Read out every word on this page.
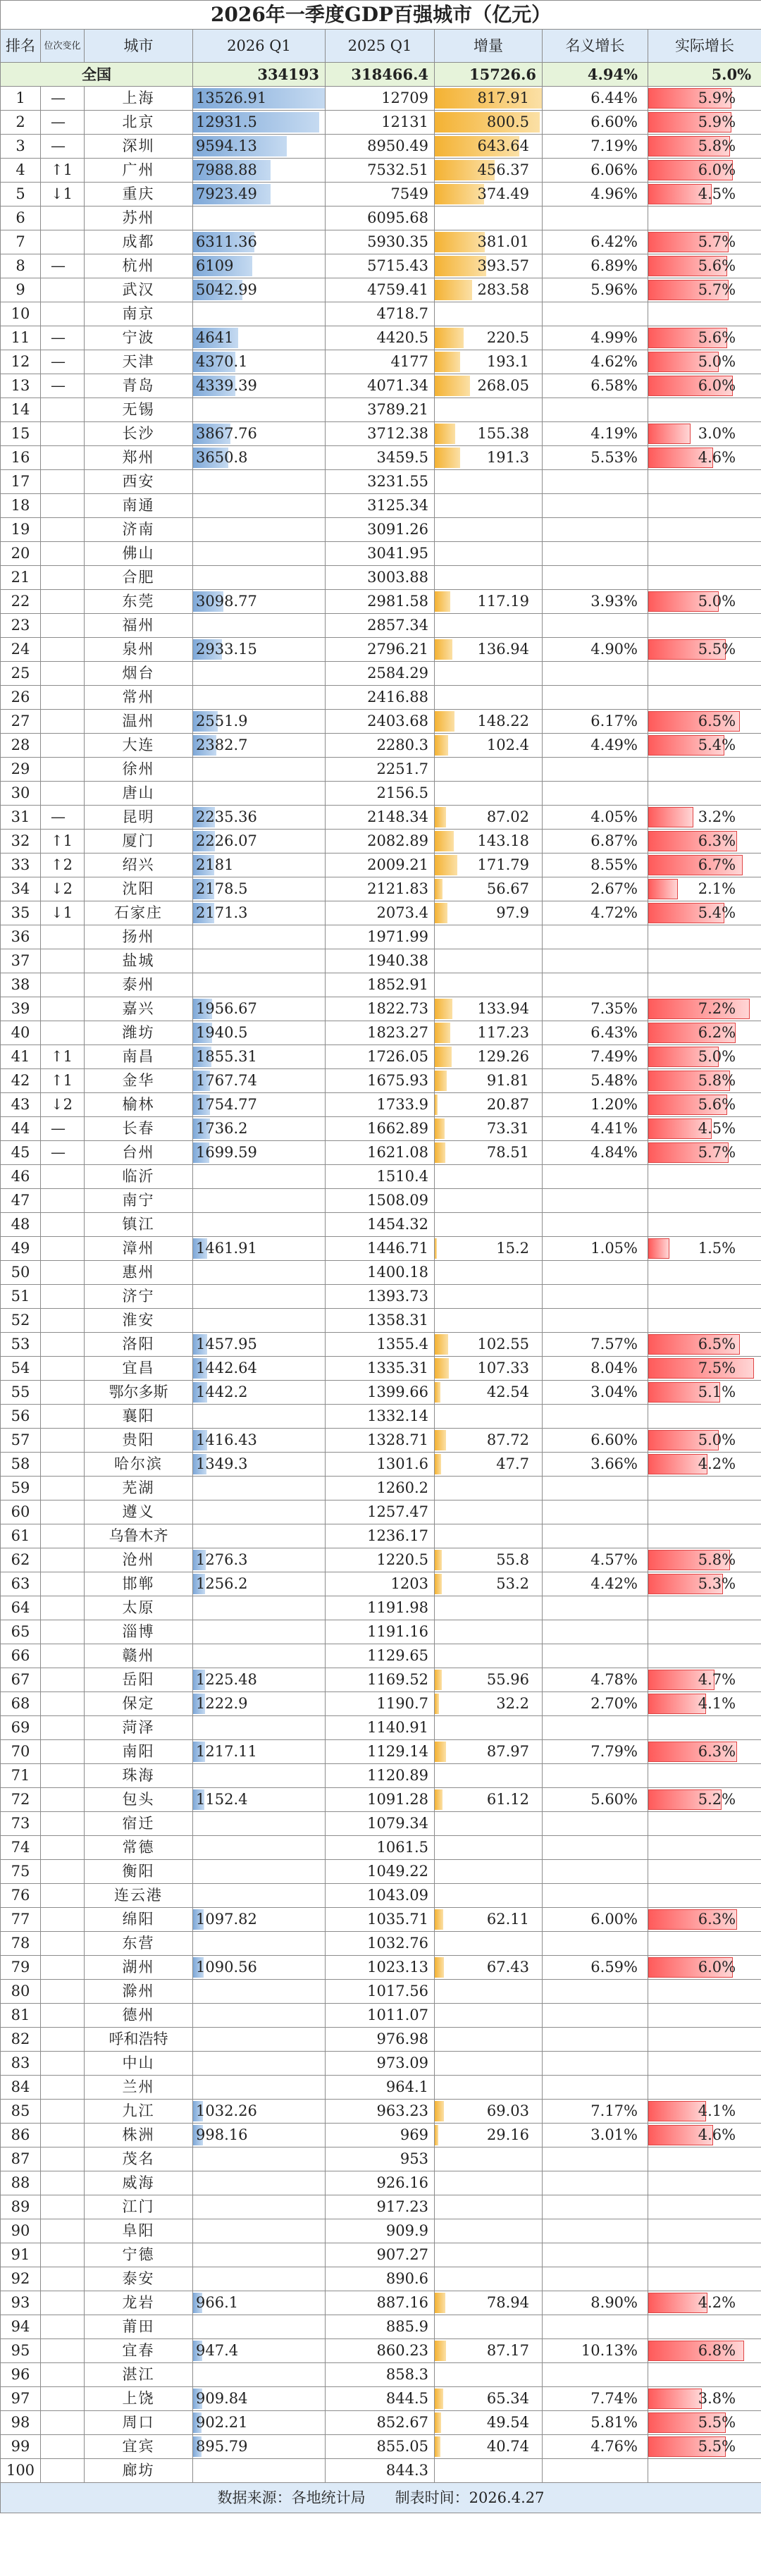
2026年一季度GDP百强城市（亿元）							
排名	位次变化	城市	2026 Q1	2025 Q1	增量	名义增长	实际增长
全国			334193	318466.4	15726.6	4.94%	5.0%
1	—	上海	13526.91	12709	817.91	6.44%	5.9%
2	—	北京	12931.5	12131	800.5	6.60%	5.9%
3	—	深圳	9594.13	8950.49	643.64	7.19%	5.8%
4	↑1	广州	7988.88	7532.51	456.37	6.06%	6.0%
5	↓1	重庆	7923.49	7549	374.49	4.96%	4.5%
6		苏州		6095.68			
7		成都	6311.36	5930.35	381.01	6.42%	5.7%
8	—	杭州	6109	5715.43	393.57	6.89%	5.6%
9		武汉	5042.99	4759.41	283.58	5.96%	5.7%
10		南京		4718.7			
11	—	宁波	4641	4420.5	220.5	4.99%	5.6%
12	—	天津	4370.1	4177	193.1	4.62%	5.0%
13	—	青岛	4339.39	4071.34	268.05	6.58%	6.0%
14		无锡		3789.21			
15		长沙	3867.76	3712.38	155.38	4.19%	3.0%
16		郑州	3650.8	3459.5	191.3	5.53%	4.6%
17		西安		3231.55			
18		南通		3125.34			
19		济南		3091.26			
20		佛山		3041.95			
21		合肥		3003.88			
22		东莞	3098.77	2981.58	117.19	3.93%	5.0%
23		福州		2857.34			
24		泉州	2933.15	2796.21	136.94	4.90%	5.5%
25		烟台		2584.29			
26		常州		2416.88			
27		温州	2551.9	2403.68	148.22	6.17%	6.5%
28		大连	2382.7	2280.3	102.4	4.49%	5.4%
29		徐州		2251.7			
30		唐山		2156.5			
31	—	昆明	2235.36	2148.34	87.02	4.05%	3.2%
32	↑1	厦门	2226.07	2082.89	143.18	6.87%	6.3%
33	↑2	绍兴	2181	2009.21	171.79	8.55%	6.7%
34	↓2	沈阳	2178.5	2121.83	56.67	2.67%	2.1%
35	↓1	石家庄	2171.3	2073.4	97.9	4.72%	5.4%
36		扬州		1971.99			
37		盐城		1940.38			
38		泰州		1852.91			
39		嘉兴	1956.67	1822.73	133.94	7.35%	7.2%
40		潍坊	1940.5	1823.27	117.23	6.43%	6.2%
41	↑1	南昌	1855.31	1726.05	129.26	7.49%	5.0%
42	↑1	金华	1767.74	1675.93	91.81	5.48%	5.8%
43	↓2	榆林	1754.77	1733.9	20.87	1.20%	5.6%
44	—	长春	1736.2	1662.89	73.31	4.41%	4.5%
45	—	台州	1699.59	1621.08	78.51	4.84%	5.7%
46		临沂		1510.4			
47		南宁		1508.09			
48		镇江		1454.32			
49		漳州	1461.91	1446.71	15.2	1.05%	1.5%
50		惠州		1400.18			
51		济宁		1393.73			
52		淮安		1358.31			
53		洛阳	1457.95	1355.4	102.55	7.57%	6.5%
54		宜昌	1442.64	1335.31	107.33	8.04%	7.5%
55		鄂尔多斯	1442.2	1399.66	42.54	3.04%	5.1%
56		襄阳		1332.14			
57		贵阳	1416.43	1328.71	87.72	6.60%	5.0%
58		哈尔滨	1349.3	1301.6	47.7	3.66%	4.2%
59		芜湖		1260.2			
60		遵义		1257.47			
61		乌鲁木齐		1236.17			
62		沧州	1276.3	1220.5	55.8	4.57%	5.8%
63		邯郸	1256.2	1203	53.2	4.42%	5.3%
64		太原		1191.98			
65		淄博		1191.16			
66		赣州		1129.65			
67		岳阳	1225.48	1169.52	55.96	4.78%	4.7%
68		保定	1222.9	1190.7	32.2	2.70%	4.1%
69		菏泽		1140.91			
70		南阳	1217.11	1129.14	87.97	7.79%	6.3%
71		珠海		1120.89			
72		包头	1152.4	1091.28	61.12	5.60%	5.2%
73		宿迁		1079.34			
74		常德		1061.5			
75		衡阳		1049.22			
76		连云港		1043.09			
77		绵阳	1097.82	1035.71	62.11	6.00%	6.3%
78		东营		1032.76			
79		湖州	1090.56	1023.13	67.43	6.59%	6.0%
80		滁州		1017.56			
81		德州		1011.07			
82		呼和浩特		976.98			
83		中山		973.09			
84		兰州		964.1			
85		九江	1032.26	963.23	69.03	7.17%	4.1%
86		株洲	998.16	969	29.16	3.01%	4.6%
87		茂名		953			
88		威海		926.16			
89		江门		917.23			
90		阜阳		909.9			
91		宁德		907.27			
92		泰安		890.6			
93		龙岩	966.1	887.16	78.94	8.90%	4.2%
94		莆田		885.9			
95		宜春	947.4	860.23	87.17	10.13%	6.8%
96		湛江		858.3			
97		上饶	909.84	844.5	65.34	7.74%	3.8%
98		周口	902.21	852.67	49.54	5.81%	5.5%
99		宜宾	895.79	855.05	40.74	4.76%	5.5%
100		廊坊		844.3			
数据来源：各地统计局　　制表时间：2026.4.27							
